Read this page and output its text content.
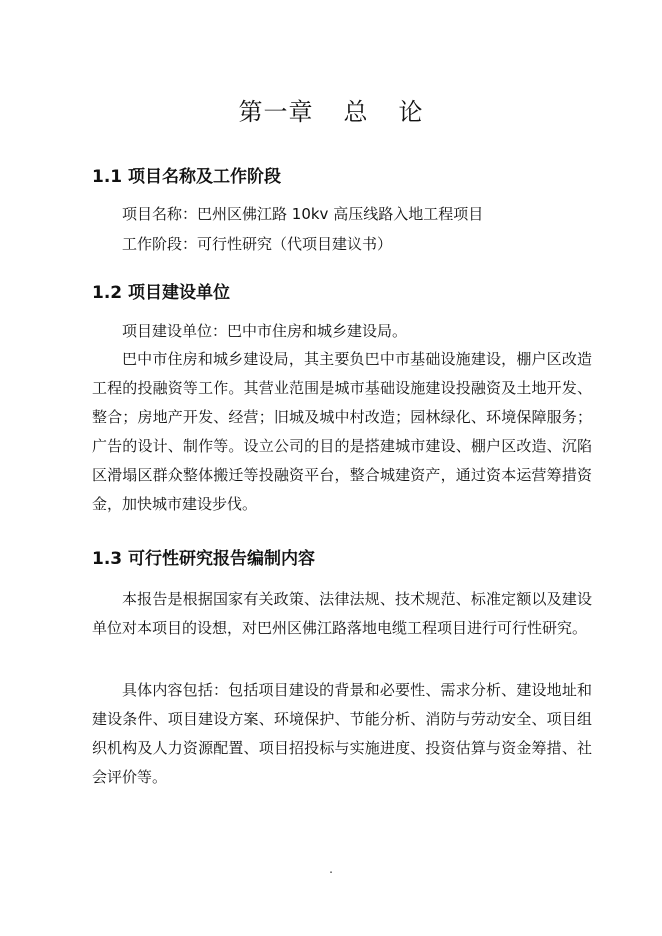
第一章 总 论
1.1 项目名称及工作阶段
项目名称：巴州区佛江路 10kv 高压线路入地工程项目
工作阶段：可行性研究（代项目建议书）
1.2 项目建设单位
项目建设单位：巴中市住房和城乡建设局。
巴中市住房和城乡建设局，其主要负巴中市基础设施建设，棚户区改造工程的投融资等工作。其营业范围是城市基础设施建设投融资及土地开发、整合；房地产开发、经营；旧城及城中村改造；园林绿化、环境保障服务；广告的设计、制作等。设立公司的目的是搭建城市建设、棚户区改造、沉陷区滑塌区群众整体搬迁等投融资平台，整合城建资产，通过资本运营筹措资金，加快城市建设步伐。
1.3 可行性研究报告编制内容
本报告是根据国家有关政策、法律法规、技术规范、标准定额以及建设单位对本项目的设想，对巴州区佛江路落地电缆工程项目进行可行性研究。
具体内容包括：包括项目建设的背景和必要性、需求分析、建设地址和建设条件、项目建设方案、环境保护、节能分析、消防与劳动安全、项目组织机构及人力资源配置、项目招投标与实施进度、投资估算与资金筹措、社会评价等。
.
